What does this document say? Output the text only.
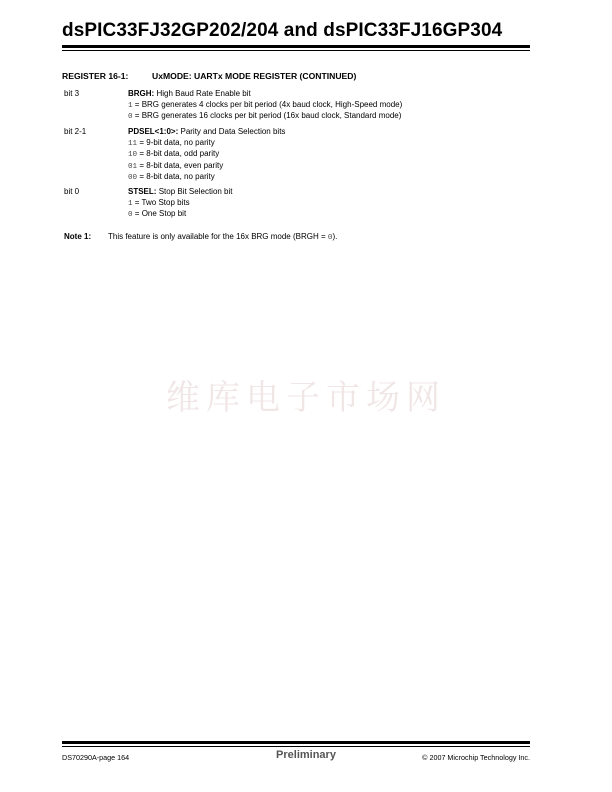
dsPIC33FJ32GP202/204 and dsPIC33FJ16GP304
REGISTER 16-1:	UxMODE: UARTx MODE REGISTER (CONTINUED)
bit 3	BRGH: High Baud Rate Enable bit
1 = BRG generates 4 clocks per bit period (4x baud clock, High-Speed mode)
0 = BRG generates 16 clocks per bit period (16x baud clock, Standard mode)
bit 2-1	PDSEL<1:0>: Parity and Data Selection bits
11 = 9-bit data, no parity
10 = 8-bit data, odd parity
01 = 8-bit data, even parity
00 = 8-bit data, no parity
bit 0	STSEL: Stop Bit Selection bit
1 = Two Stop bits
0 = One Stop bit
Note 1: This feature is only available for the 16x BRG mode (BRGH = 0).
维库电子市场网
DS70290A-page 164	Preliminary	© 2007 Microchip Technology Inc.
